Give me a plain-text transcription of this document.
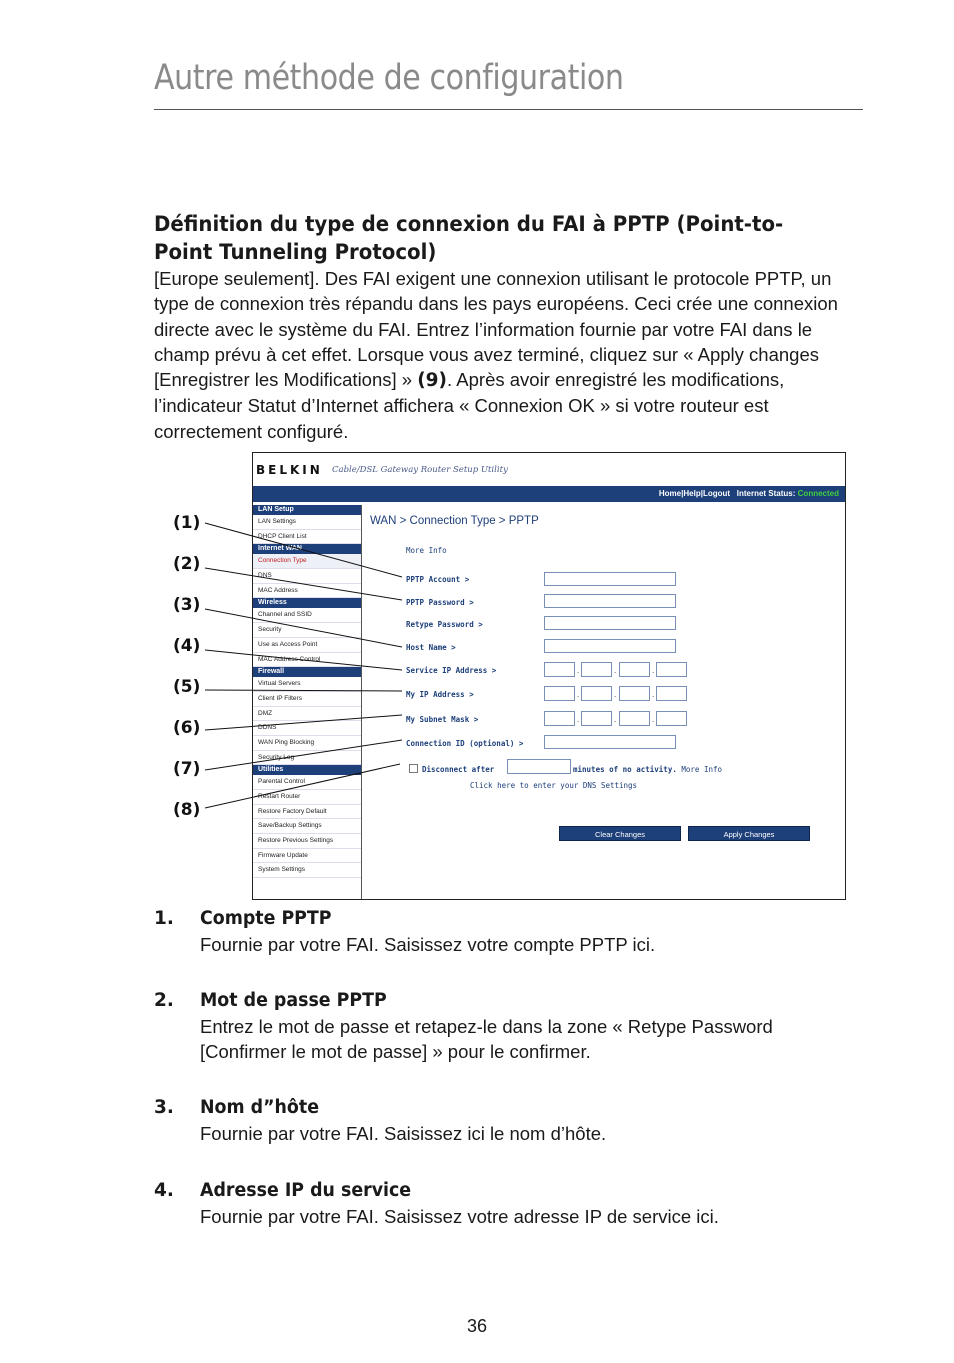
Autre méthode de configuration
Définition du type de connexion du FAI à PPTP (Point-to-Point Tunneling Protocol)
[Europe seulement]. Des FAI exigent une connexion utilisant le protocole PPTP, un type de connexion très répandu dans les pays européens. Ceci crée une connexion directe avec le système du FAI. Entrez l’information fournie par votre FAI dans le champ prévu à cet effet. Lorsque vous avez terminé, cliquez sur « Apply changes [Enregistrer les Modifications] » (9). Après avoir enregistré les modifications, l’indicateur Statut d’Internet affichera « Connexion OK » si votre routeur est correctement configuré.
BELKIN Cable/DSL Gateway Router Setup Utility
Home|Help|Logout Internet Status: Connected
LAN Setup
LAN Settings
DHCP Client List
Internet WAN
Connection Type
DNS
MAC Address
Wireless
Channel and SSID
Security
Use as Access Point
MAC Address Control
Firewall
Virtual Servers
Client IP Filters
DMZ
DDNS
WAN Ping Blocking
Security Log
Utilities
Parental Control
Restart Router
Restore Factory Default
Save/Backup Settings
Restore Previous Settings
Firmware Update
System Settings
WAN > Connection Type > PPTP
More Info
PPTP Account >
PPTP Password >
Retype Password >
Host Name >
Service IP Address >	.	.	.
My IP Address >	.	.	.
My Subnet Mask >	.	.	.
Connection ID (optional) >
Disconnect after	minutes of no activity. More Info
Click here to enter your DNS Settings
Clear Changes	Apply Changes
(1)
(2)
(3)
(4)
(5)
(6)
(7)
(8)
1. Compte PPTP
Fournie par votre FAI. Saisissez votre compte PPTP ici.
2. Mot de passe PPTP
Entrez le mot de passe et retapez-le dans la zone « Retype Password [Confirmer le mot de passe] » pour le confirmer.
3. Nom d”hôte
Fournie par votre FAI. Saisissez ici le nom d’hôte.
4. Adresse IP du service
Fournie par votre FAI. Saisissez votre adresse IP de service ici.
36
